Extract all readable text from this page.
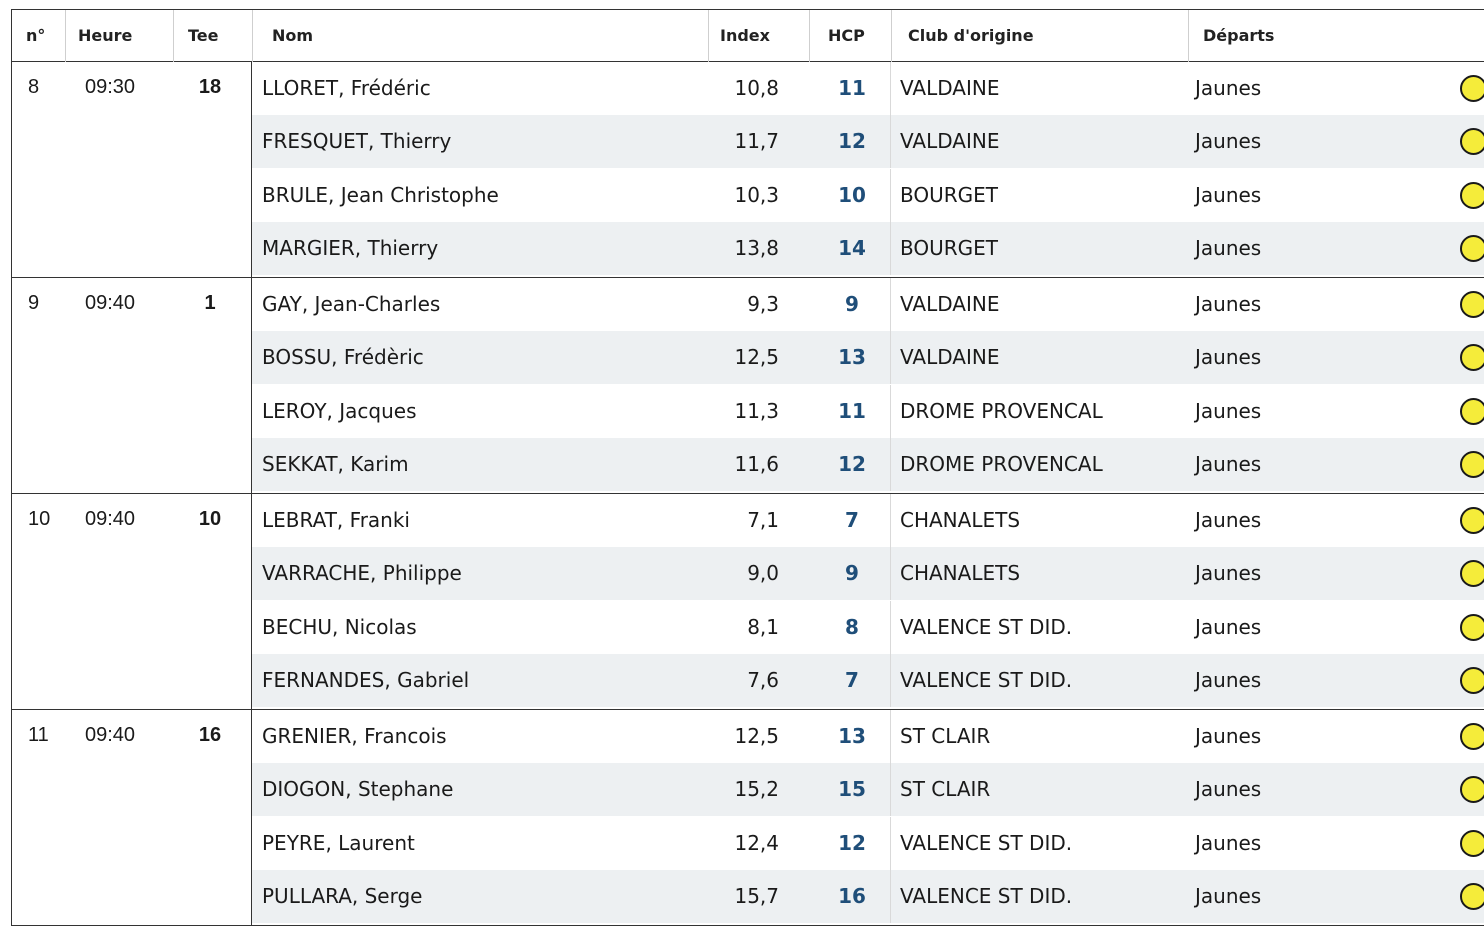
n° Heure	Tee	Nom	Index	HCP	Club d'origine	Départs
8 09:30	18	LLORET, Frédéric	10,8	11	VALDAINE	Jaunes
FRESQUET, Thierry	11,7	12	VALDAINE	Jaunes
BRULE, Jean Christophe	10,3	10	BOURGET	Jaunes
MARGIER, Thierry	13,8	14	BOURGET	Jaunes
9 09:40	1	GAY, Jean-Charles	9,3	9	VALDAINE	Jaunes
BOSSU, Frédèric	12,5	13	VALDAINE	Jaunes
LEROY, Jacques	11,3	11	DROME PROVENCAL	Jaunes
SEKKAT, Karim	11,6	12	DROME PROVENCAL	Jaunes
10 09:40	10	LEBRAT, Franki	7,1	7	CHANALETS	Jaunes
VARRACHE, Philippe	9,0	9	CHANALETS	Jaunes
BECHU, Nicolas	8,1	8	VALENCE ST DID.	Jaunes
FERNANDES, Gabriel	7,6	7	VALENCE ST DID.	Jaunes
11 09:40	16	GRENIER, Francois	12,5	13	ST CLAIR	Jaunes
DIOGON, Stephane	15,2	15	ST CLAIR	Jaunes
PEYRE, Laurent	12,4	12	VALENCE ST DID.	Jaunes
PULLARA, Serge	15,7	16	VALENCE ST DID.	Jaunes
